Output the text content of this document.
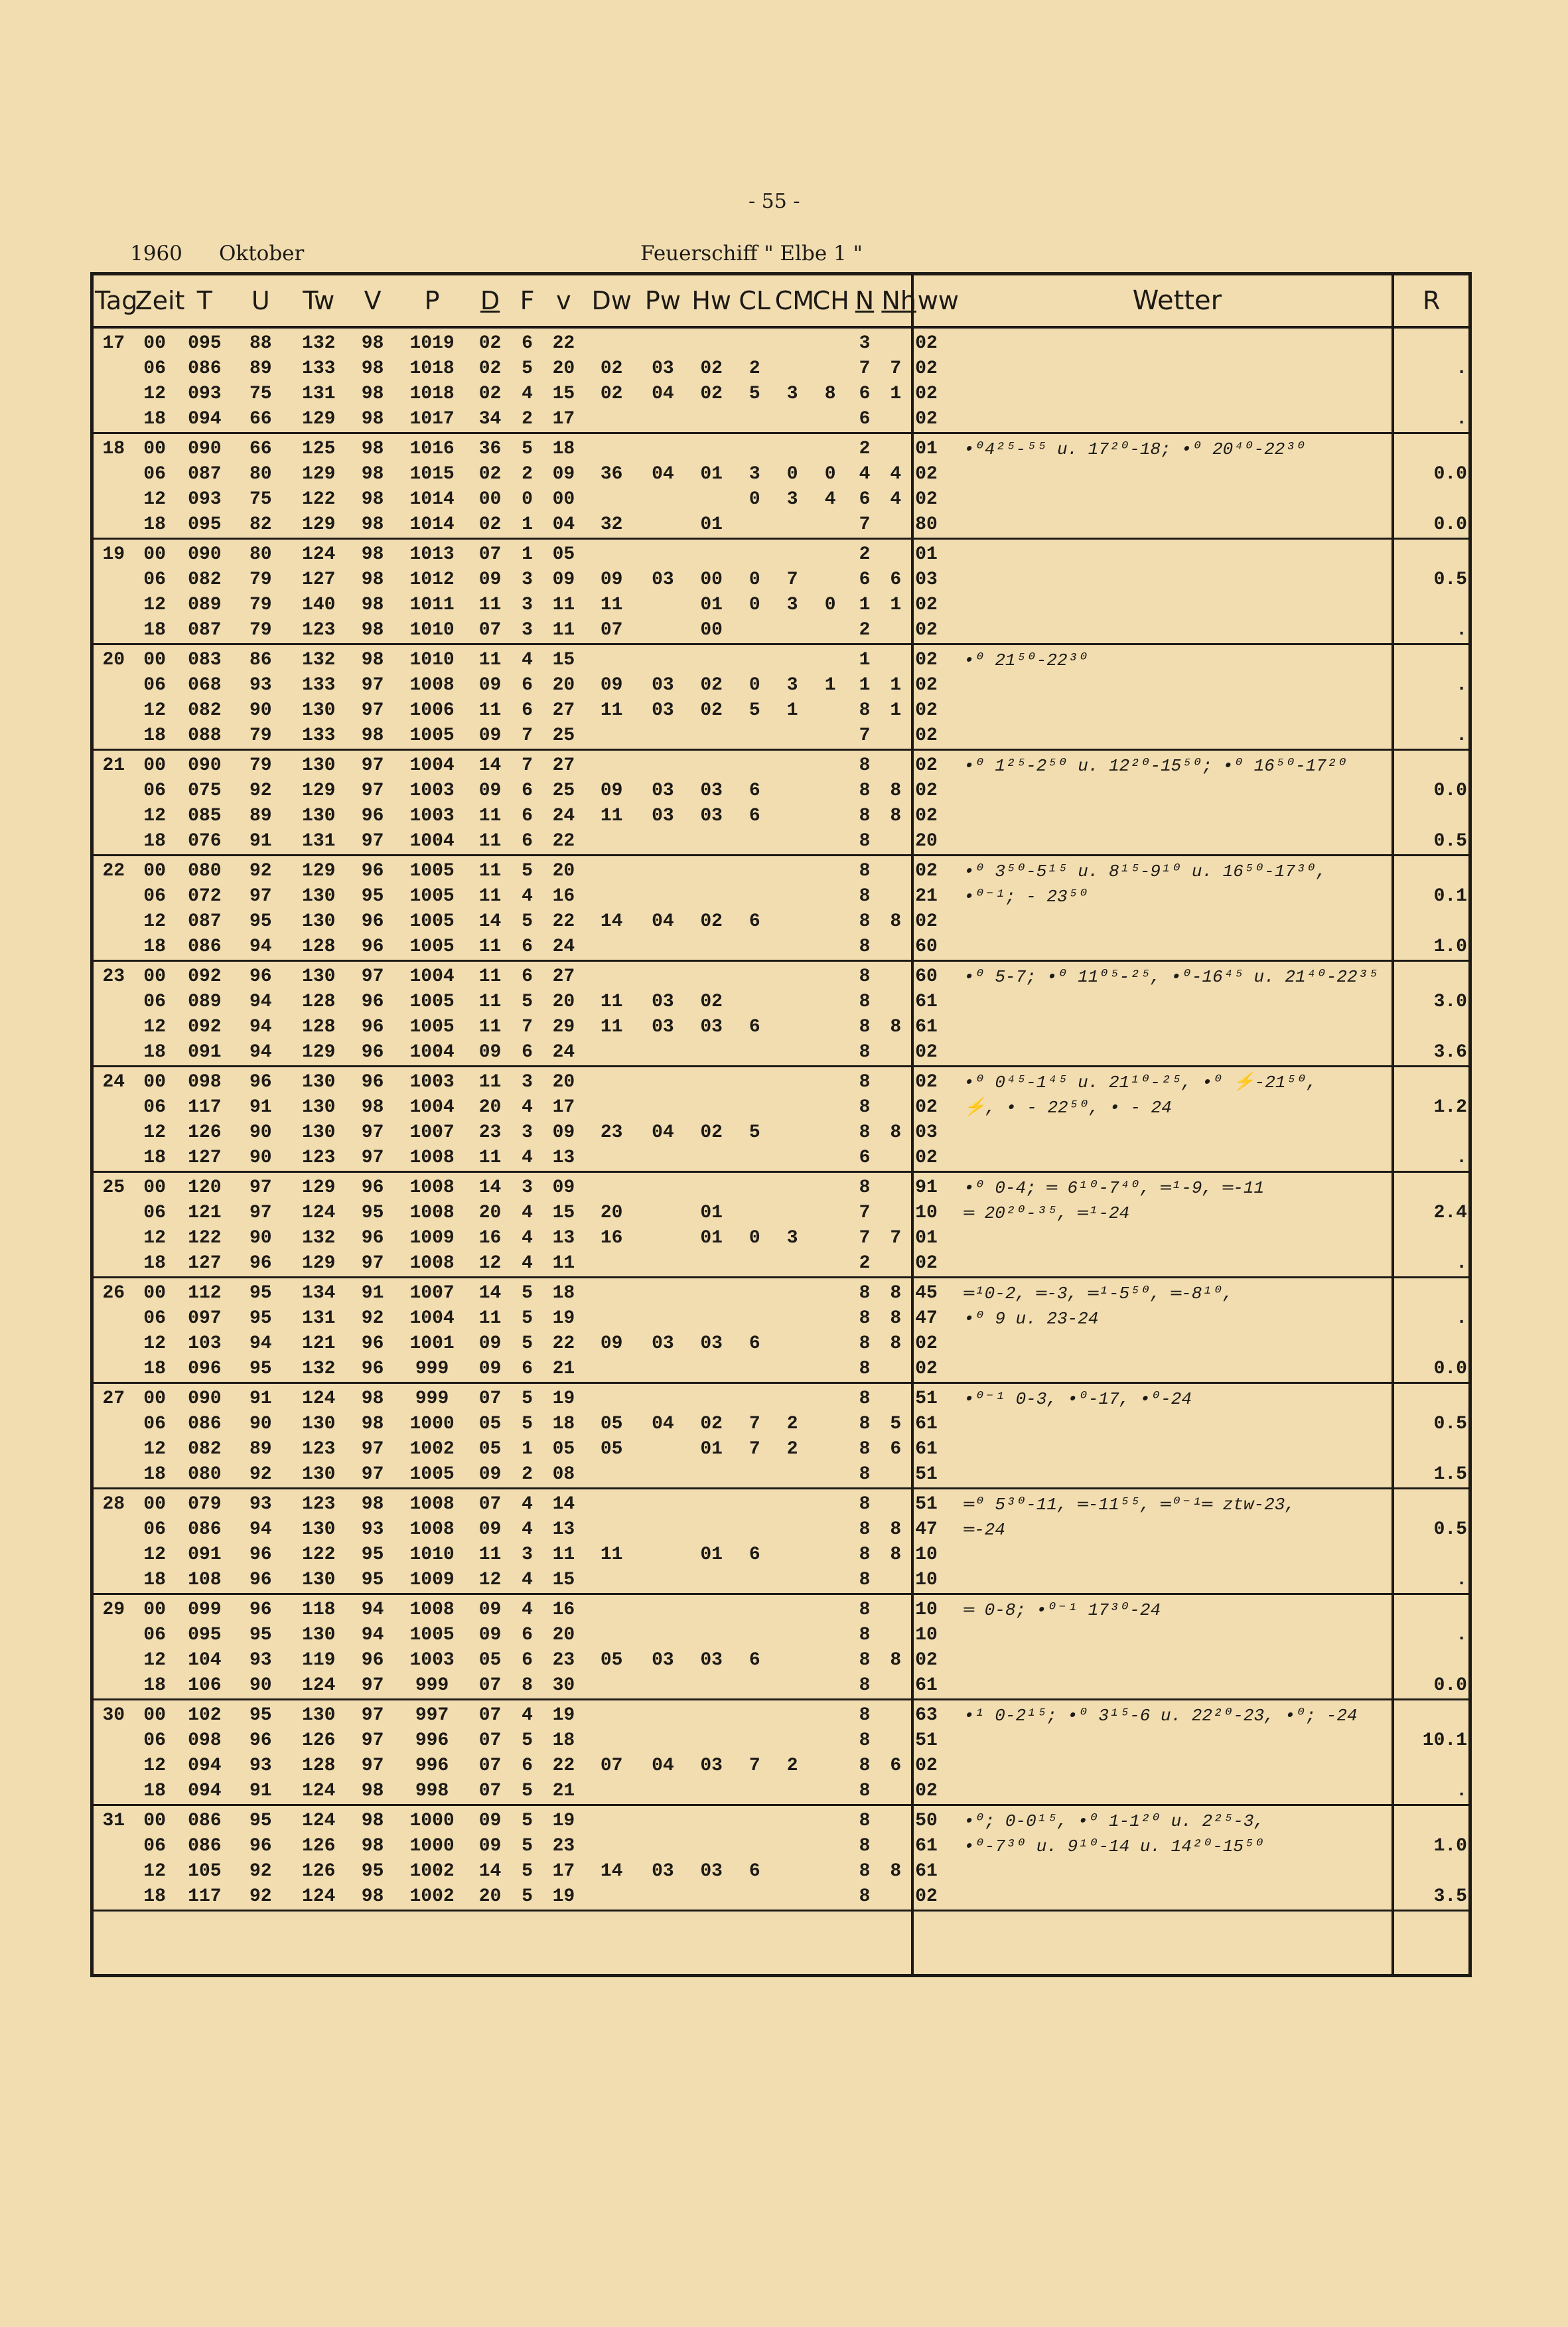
- 55 -
1960 Oktober	Feuerschiff " Elbe 1 "
Tag	Zeit	T	U	Tw	V	P	D	F	v	Dw	Pw	Hw	CL	CM	CH	N	Nh	ww	Wetter	R
17	00	095	88	132	98	1019	02	6	22							3		02		
	06	086	89	133	98	1018	02	5	20	02	03	02	2			7	7	02		.
	12	093	75	131	98	1018	02	4	15	02	04	02	5	3	8	6	1	02		
	18	094	66	129	98	1017	34	2	17							6		02		.
18	00	090	66	125	98	1016	36	5	18							2		01	•⁰4²⁵-⁵⁵ u. 17²⁰-18; •⁰ 20⁴⁰-22³⁰	
	06	087	80	129	98	1015	02	2	09	36	04	01	3	0	0	4	4	02		0.0
	12	093	75	122	98	1014	00	0	00				0	3	4	6	4	02		
	18	095	82	129	98	1014	02	1	04	32		01				7		80		0.0
19	00	090	80	124	98	1013	07	1	05							2		01		
	06	082	79	127	98	1012	09	3	09	09	03	00	0	7		6	6	03		0.5
	12	089	79	140	98	1011	11	3	11	11		01	0	3	0	1	1	02		
	18	087	79	123	98	1010	07	3	11	07		00				2		02		.
20	00	083	86	132	98	1010	11	4	15							1		02	•⁰ 21⁵⁰-22³⁰	
	06	068	93	133	97	1008	09	6	20	09	03	02	0	3	1	1	1	02		.
	12	082	90	130	97	1006	11	6	27	11	03	02	5	1		8	1	02		
	18	088	79	133	98	1005	09	7	25							7		02		.
21	00	090	79	130	97	1004	14	7	27							8		02	•⁰ 1²⁵-2⁵⁰ u. 12²⁰-15⁵⁰; •⁰ 16⁵⁰-17²⁰	
	06	075	92	129	97	1003	09	6	25	09	03	03	6			8	8	02		0.0
	12	085	89	130	96	1003	11	6	24	11	03	03	6			8	8	02		
	18	076	91	131	97	1004	11	6	22							8		20		0.5
22	00	080	92	129	96	1005	11	5	20							8		02	•⁰ 3⁵⁰-5¹⁵ u. 8¹⁵-9¹⁰ u. 16⁵⁰-17³⁰,	
	06	072	97	130	95	1005	11	4	16							8		21	•⁰⁻¹; - 23⁵⁰	0.1
	12	087	95	130	96	1005	14	5	22	14	04	02	6			8	8	02		
	18	086	94	128	96	1005	11	6	24							8		60		1.0
23	00	092	96	130	97	1004	11	6	27							8		60	•⁰ 5-7; •⁰ 11⁰⁵-²⁵, •⁰-16⁴⁵ u. 21⁴⁰-22³⁵	
	06	089	94	128	96	1005	11	5	20	11	03	02				8		61		3.0
	12	092	94	128	96	1005	11	7	29	11	03	03	6			8	8	61		
	18	091	94	129	96	1004	09	6	24							8		02		3.6
24	00	098	96	130	96	1003	11	3	20							8		02	•⁰ 0⁴⁵-1⁴⁵ u. 21¹⁰-²⁵, •⁰ ⚡-21⁵⁰,	
	06	117	91	130	98	1004	20	4	17							8		02	⚡, • - 22⁵⁰, • - 24	1.2
	12	126	90	130	97	1007	23	3	09	23	04	02	5			8	8	03		
	18	127	90	123	97	1008	11	4	13							6		02		.
25	00	120	97	129	96	1008	14	3	09							8		91	•⁰ 0-4; ═ 6¹⁰-7⁴⁰, ═¹-9, ═-11	
	06	121	97	124	95	1008	20	4	15	20		01				7		10	═ 20²⁰-³⁵, ═¹-24	2.4
	12	122	90	132	96	1009	16	4	13	16		01	0	3		7	7	01		
	18	127	96	129	97	1008	12	4	11							2		02		.
26	00	112	95	134	91	1007	14	5	18							8	8	45	═¹0-2, ═-3, ═¹-5⁵⁰, ═-8¹⁰,	
	06	097	95	131	92	1004	11	5	19							8	8	47	•⁰ 9 u. 23-24	.
	12	103	94	121	96	1001	09	5	22	09	03	03	6			8	8	02		
	18	096	95	132	96	999	09	6	21							8		02		0.0
27	00	090	91	124	98	999	07	5	19							8		51	•⁰⁻¹ 0-3, •⁰-17, •⁰-24	
	06	086	90	130	98	1000	05	5	18	05	04	02	7	2		8	5	61		0.5
	12	082	89	123	97	1002	05	1	05	05		01	7	2		8	6	61		
	18	080	92	130	97	1005	09	2	08							8		51		1.5
28	00	079	93	123	98	1008	07	4	14							8		51	═⁰ 5³⁰-11, ═-11⁵⁵, ═⁰⁻¹═ ztw-23,	
	06	086	94	130	93	1008	09	4	13							8	8	47	═-24	0.5
	12	091	96	122	95	1010	11	3	11	11		01	6			8	8	10		
	18	108	96	130	95	1009	12	4	15							8		10		.
29	00	099	96	118	94	1008	09	4	16							8		10	═ 0-8; •⁰⁻¹ 17³⁰-24	
	06	095	95	130	94	1005	09	6	20							8		10		.
	12	104	93	119	96	1003	05	6	23	05	03	03	6			8	8	02		
	18	106	90	124	97	999	07	8	30							8		61		0.0
30	00	102	95	130	97	997	07	4	19							8		63	•¹ 0-2¹⁵; •⁰ 3¹⁵-6 u. 22²⁰-23, •⁰; -24	
	06	098	96	126	97	996	07	5	18							8		51		10.1
	12	094	93	128	97	996	07	6	22	07	04	03	7	2		8	6	02		
	18	094	91	124	98	998	07	5	21							8		02		.
31	00	086	95	124	98	1000	09	5	19							8		50	•⁰; 0-0¹⁵, •⁰ 1-1²⁰ u. 2²⁵-3,	
	06	086	96	126	98	1000	09	5	23							8		61	•⁰-7³⁰ u. 9¹⁰-14 u. 14²⁰-15⁵⁰	1.0
	12	105	92	126	95	1002	14	5	17	14	03	03	6			8	8	61		
	18	117	92	124	98	1002	20	5	19							8		02		3.5
